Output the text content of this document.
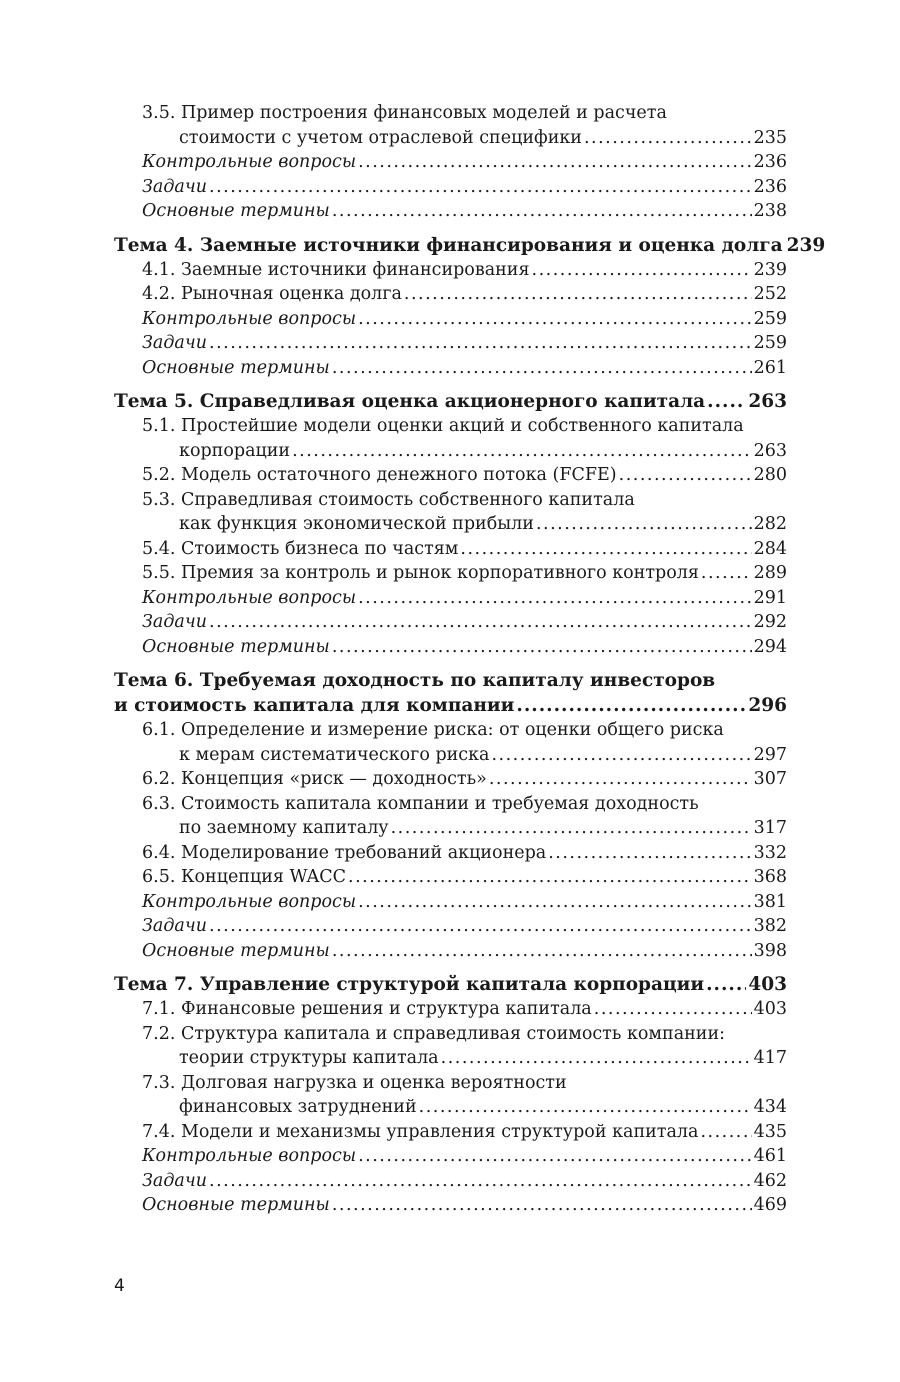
3.5. Пример построения финансовых моделей и расчета
стоимости с учетом отраслевой специфики .....	235
Контрольные вопросы .....	236
Задачи .....	236
Основные термины .....	238
Тема 4. Заемные источники финансирования и оценка долга 239
4.1. Заемные источники финансирования .....	239
4.2. Рыночная оценка долга .....	252
Контрольные вопросы .....	259
Задачи .....	259
Основные термины .....	261
Тема 5. Справедливая оценка акционерного капитала ..... 263
5.1. Простейшие модели оценки акций и собственного капитала
корпорации .....	263
5.2. Модель остаточного денежного потока (FCFE) .....	280
5.3. Справедливая стоимость собственного капитала
как функция экономической прибыли .....	282
5.4. Стоимость бизнеса по частям .....	284
5.5. Премия за контроль и рынок корпоративного контроля .....	289
Контрольные вопросы .....	291
Задачи .....	292
Основные термины .....	294
Тема 6. Требуемая доходность по капиталу инвесторов
и стоимость капитала для компании .....	296
6.1. Определение и измерение риска: от оценки общего риска
к мерам систематического риска .....	297
6.2. Концепция «риск — доходность» .....	307
6.3. Стоимость капитала компании и требуемая доходность
по заемному капиталу .....	317
6.4. Моделирование требований акционера .....	332
6.5. Концепция WACC .....	368
Контрольные вопросы .....	381
Задачи .....	382
Основные термины .....	398
Тема 7. Управление структурой капитала корпорации ..... 403
7.1. Финансовые решения и структура капитала .....	403
7.2. Структура капитала и справедливая стоимость компании:
теории структуры капитала .....	417
7.3. Долговая нагрузка и оценка вероятности
финансовых затруднений .....	434
7.4. Модели и механизмы управления структурой капитала .....	435
Контрольные вопросы .....	461
Задачи .....	462
Основные термины .....	469
4
